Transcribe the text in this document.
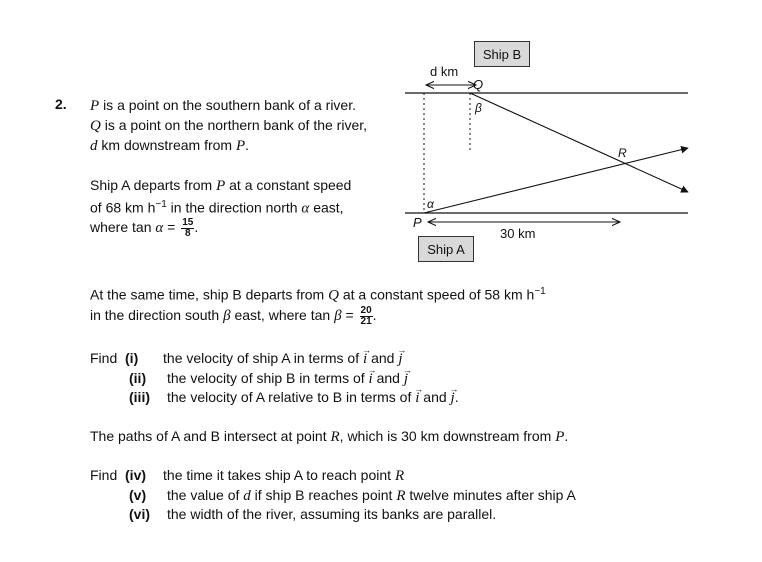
2. P is a point on the southern bank of a river.
Q is a point on the northern bank of the river,
d km downstream from P.
Ship A departs from P at a constant speed
of 68 km $h^{-1}$ in the direction north α east,
where $\tan \alpha = \frac{15}{8}$ .
At the same time, ship B departs from Q at a constant speed of 58 km $h^{-1}$
in the direction south β east, where $\tan \beta = \frac{20}{21}$ .
Find (i) the velocity of ship A in terms of i → and j →
(ii) the velocity of ship B in terms of i → and j →
(iii) the velocity of A relative to B in terms of i → and j →.
The paths of A and B intersect at point R, which is 30 km downstream from P.
Find (iv) the time it takes ship A to reach point R
(v) the value of d if ship B reaches point R twelve minutes after ship A
(vi) the width of the river, assuming its banks are parallel.
d km
Q
β
α
P
R
30 km
Ship B
Ship A
